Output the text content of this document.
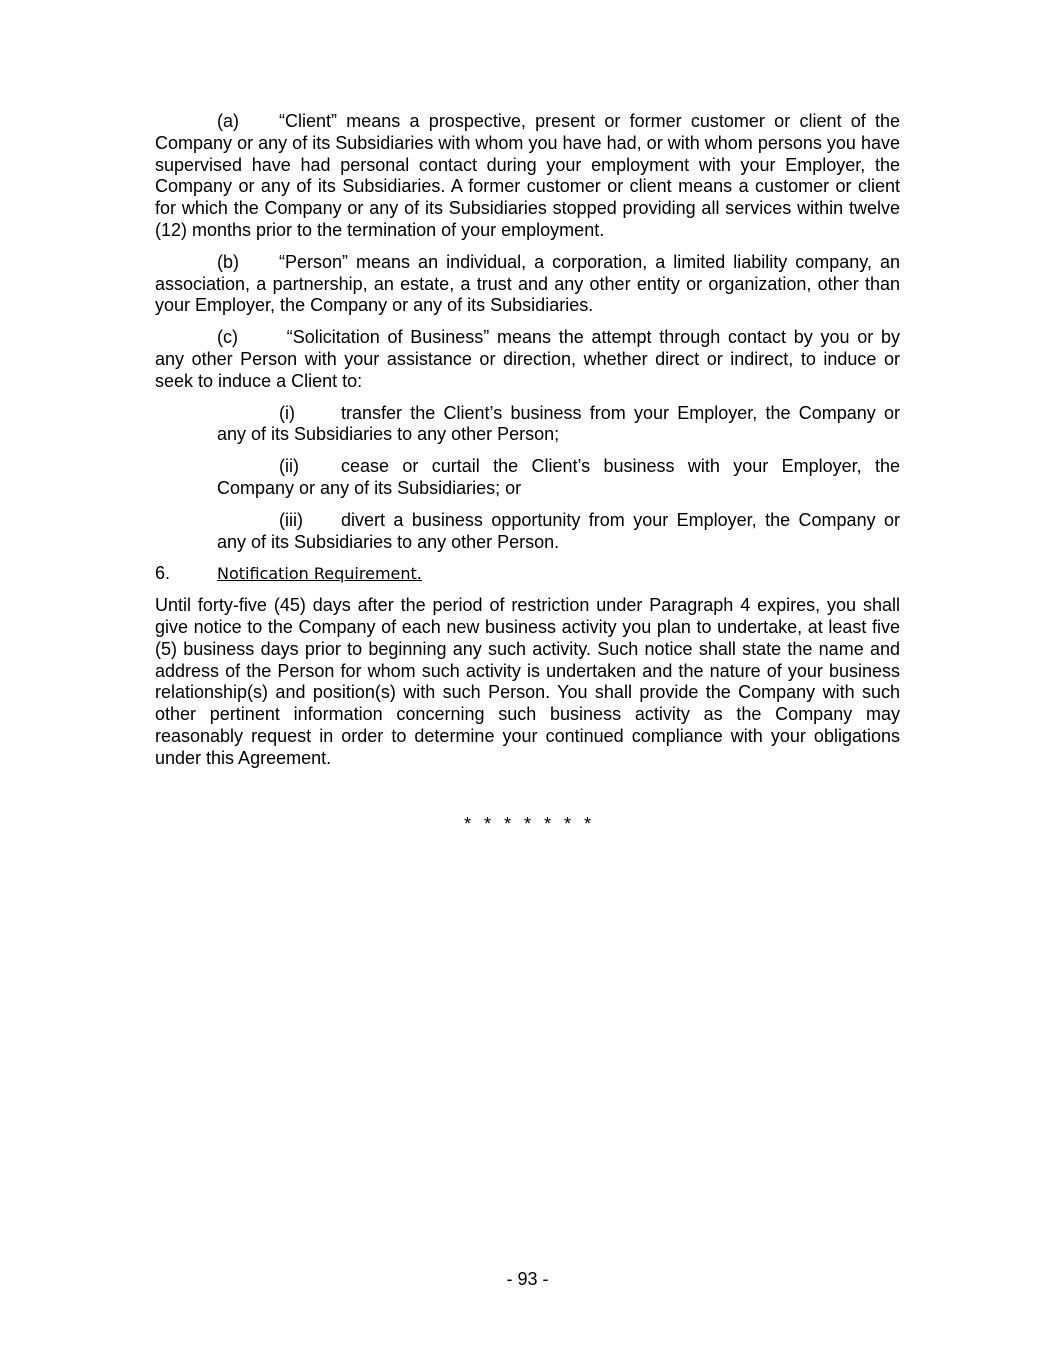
(a) “Client” means a prospective, present or former customer or client of the Company or any of its Subsidiaries with whom you have had, or with whom persons you have supervised have had personal contact during your employment with your Employer, the Company or any of its Subsidiaries. A former customer or client means a customer or client for which the Company or any of its Subsidiaries stopped providing all services within twelve (12) months prior to the termination of your employment.

(b) “Person” means an individual, a corporation, a limited liability company, an association, a partnership, an estate, a trust and any other entity or organization, other than your Employer, the Company or any of its Subsidiaries.

(c) “Solicitation of Business” means the attempt through contact by you or by any other Person with your assistance or direction, whether direct or indirect, to induce or seek to induce a Client to:

(i)	transfer the Client’s business from your Employer, the Company or any of its Subsidiaries to any other Person;

(ii) cease or curtail the Client’s business with your Employer, the Company or any of its Subsidiaries; or

(iii) divert a business opportunity from your Employer, the Company or any of its Subsidiaries to any other Person.

6.	Notification Requirement.

Until forty-five (45) days after the period of restriction under Paragraph 4 expires, you shall give notice to the Company of each new business activity you plan to undertake, at least five (5) business days prior to beginning any such activity. Such notice shall state the name and address of the Person for whom such activity is undertaken and the nature of your business relationship(s) and position(s) with such Person. You shall provide the Company with such other pertinent information concerning such business activity as the Company may reasonably request in order to determine your continued compliance with your obligations under this Agreement.

* * * * * * *
- 93 -
